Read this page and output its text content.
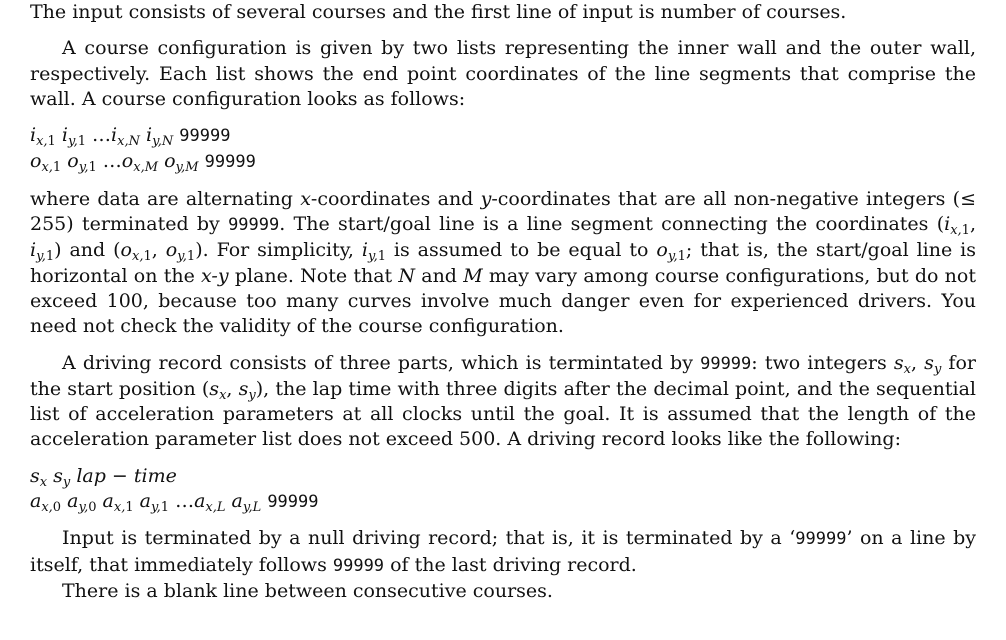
The input consists of several courses and the first line of input is number of courses.

A course configuration is given by two lists representing the inner wall and the outer wall, respectively. Each list shows the end point coordinates of the line segments that comprise the wall. A course configuration looks as follows:

$i_{x,1}$ $i_{y,1}$ $\dots i_{x,N}$ $i_{y,N}$ 99999

$o_{x,1}$ $o_{y,1}$ $\dots o_{x,M}$ $o_{y,M}$ 99999

where data are alternating x-coordinates and y-coordinates that are all non-negative integers (≤ 255) terminated by 99999. The start/goal line is a line segment connecting the coordinates ($i_{x,1}$, $i_{y,1}$) and ($o_{x,1}$, $o_{y,1}$). For simplicity, $i_{y,1}$ is assumed to be equal to $o_{y,1}$; that is, the start/goal line is horizontal on the x-y plane. Note that N and M may vary among course configurations, but do not exceed 100, because too many curves involve much danger even for experienced drivers. You need not check the validity of the course configuration.

A driving record consists of three parts, which is termintated by 99999: two integers $s_x$, $s_y$ for the start position ($s_x$, $s_y$), the lap time with three digits after the decimal point, and the sequential list of acceleration parameters at all clocks until the goal. It is assumed that the length of the acceleration parameter list does not exceed 500. A driving record looks like the following:

$s_x$ $s_y$ lap − time

$a_{x,0}$ $a_{y,0}$ $a_{x,1}$ $a_{y,1}$ $\dots a_{x,L}$ $a_{y,L}$ 99999

Input is terminated by a null driving record; that is, it is terminated by a ‘99999’ on a line by itself, that immediately follows 99999 of the last driving record.

There is a blank line between consecutive courses.
